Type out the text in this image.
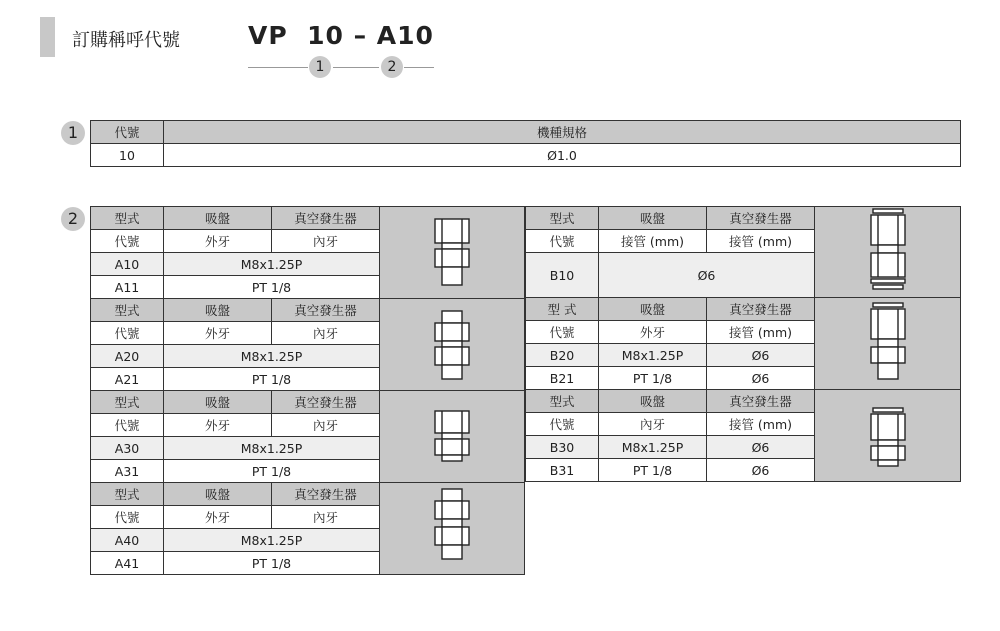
訂購稱呼代號	VP  10 – A10
1	2
1	代號	機種規格
10	Ø1.0
2	型式	吸盤	真空發生器	

代號	外牙	內牙	
A10	M8x1.25P		
A11	PT 1/8		
型式	吸盤	真空發生器	

代號	外牙	內牙	
A20	M8x1.25P		
A21	PT 1/8		
型式	吸盤	真空發生器	

代號	外牙	內牙	
A30	M8x1.25P		
A31	PT 1/8		
型式	吸盤	真空發生器	

代號	外牙	內牙	
A40	M8x1.25P		
A41	PT 1/8		
型式	吸盤	真空發生器	

代號	接管 (mm)	接管 (mm)	
B10	Ø6		

型 式	吸盤	真空發生器	

代號	外牙	接管 (mm)	
B20	M8x1.25P	Ø6	
B21	PT 1/8	Ø6	
型式	吸盤	真空發生器	

代號	內牙	接管 (mm)	
B30	M8x1.25P	Ø6	
B31	PT 1/8	Ø6	
